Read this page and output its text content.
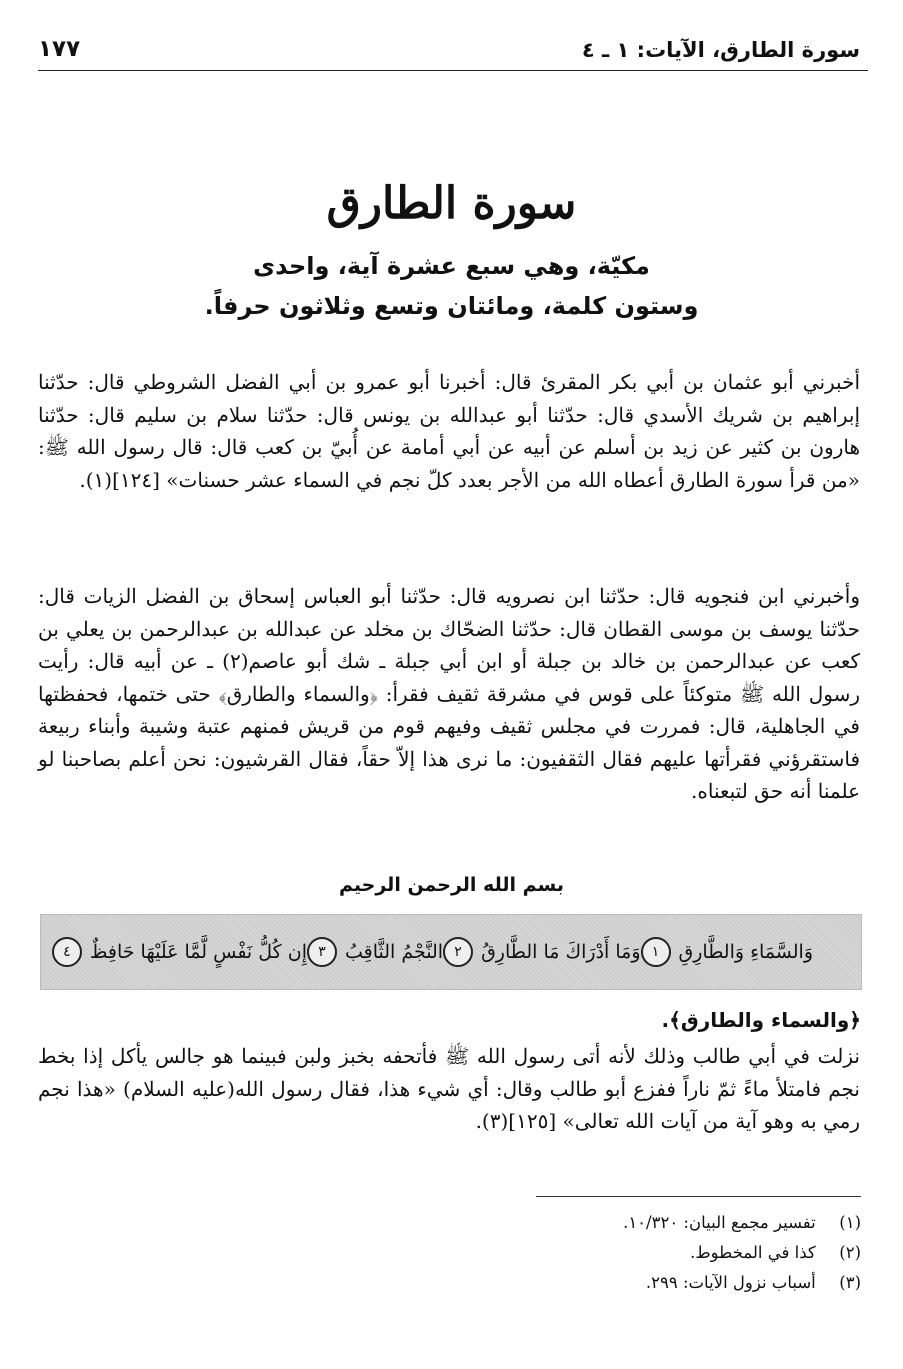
سورة الطارق، الآيات: ١ ـ ٤
١٧٧
سورة الطارق
مكيّة، وهي سبع عشرة آية، واحدى
وستون كلمة، ومائتان وتسع وثلاثون حرفاً.
أخبرني أبو عثمان بن أبي بكر المقرئ قال: أخبرنا أبو عمرو بن أبي الفضل الشروطي قال: حدّثنا إبراهيم بن شريك الأسدي قال: حدّثنا أبو عبدالله بن يونس قال: حدّثنا سلام بن سليم قال: حدّثنا هارون بن كثير عن زيد بن أسلم عن أبيه عن أبي أمامة عن أُبيّ بن كعب قال: قال رسول الله ﷺ: «من قرأ سورة الطارق أعطاه الله من الأجر بعدد كلّ نجم في السماء عشر حسنات» [١٢٤](١).
وأخبرني ابن فنجويه قال: حدّثنا ابن نصرويه قال: حدّثنا أبو العباس إسحاق بن الفضل الزيات قال: حدّثنا يوسف بن موسى القطان قال: حدّثنا الضحّاك بن مخلد عن عبدالله بن عبدالرحمن بن يعلي بن كعب عن عبدالرحمن بن خالد بن جبلة أو ابن أبي جبلة ـ شك أبو عاصم(٢) ـ عن أبيه قال: رأيت رسول الله ﷺ متوكئاً على قوس في مشرقة ثقيف فقرأ: ﴿والسماء والطارق﴾ حتى ختمها، فحفظتها في الجاهلية، قال: فمررت في مجلس ثقيف وفيهم قوم من قريش فمنهم عتبة وشيبة وأبناء ربيعة فاستقرؤني فقرأتها عليهم فقال الثقفيون: ما نرى هذا إلاّ حقاً، فقال القرشيون: نحن أعلم بصاحبنا لو علمنا أنه حق لتبعناه.
بسم الله الرحمن الرحيم
وَالسَّمَاءِ وَالطَّارِقِ
١
وَمَا أَدْرَاكَ مَا الطَّارِقُ
٢
النَّجْمُ الثَّاقِبُ
٣
إِن كُلُّ نَفْسٍ لَّمَّا عَلَيْهَا حَافِظٌ
٤
﴿والسماء والطارق﴾.
نزلت في أبي طالب وذلك لأنه أتى رسول الله ﷺ فأتحفه بخبز ولبن فبينما هو جالس يأكل إذا بخط نجم فامتلأ ماءً ثمّ ناراً ففزع أبو طالب وقال: أي شيء هذا، فقال رسول الله(عليه السلام) «هذا نجم رمي به وهو آية من آيات الله تعالى» [١٢٥](٣).
(١) تفسير مجمع البيان: ١٠/٣٢٠.
(٢) كذا في المخطوط.
(٣) أسباب نزول الآيات: ٢٩٩.
